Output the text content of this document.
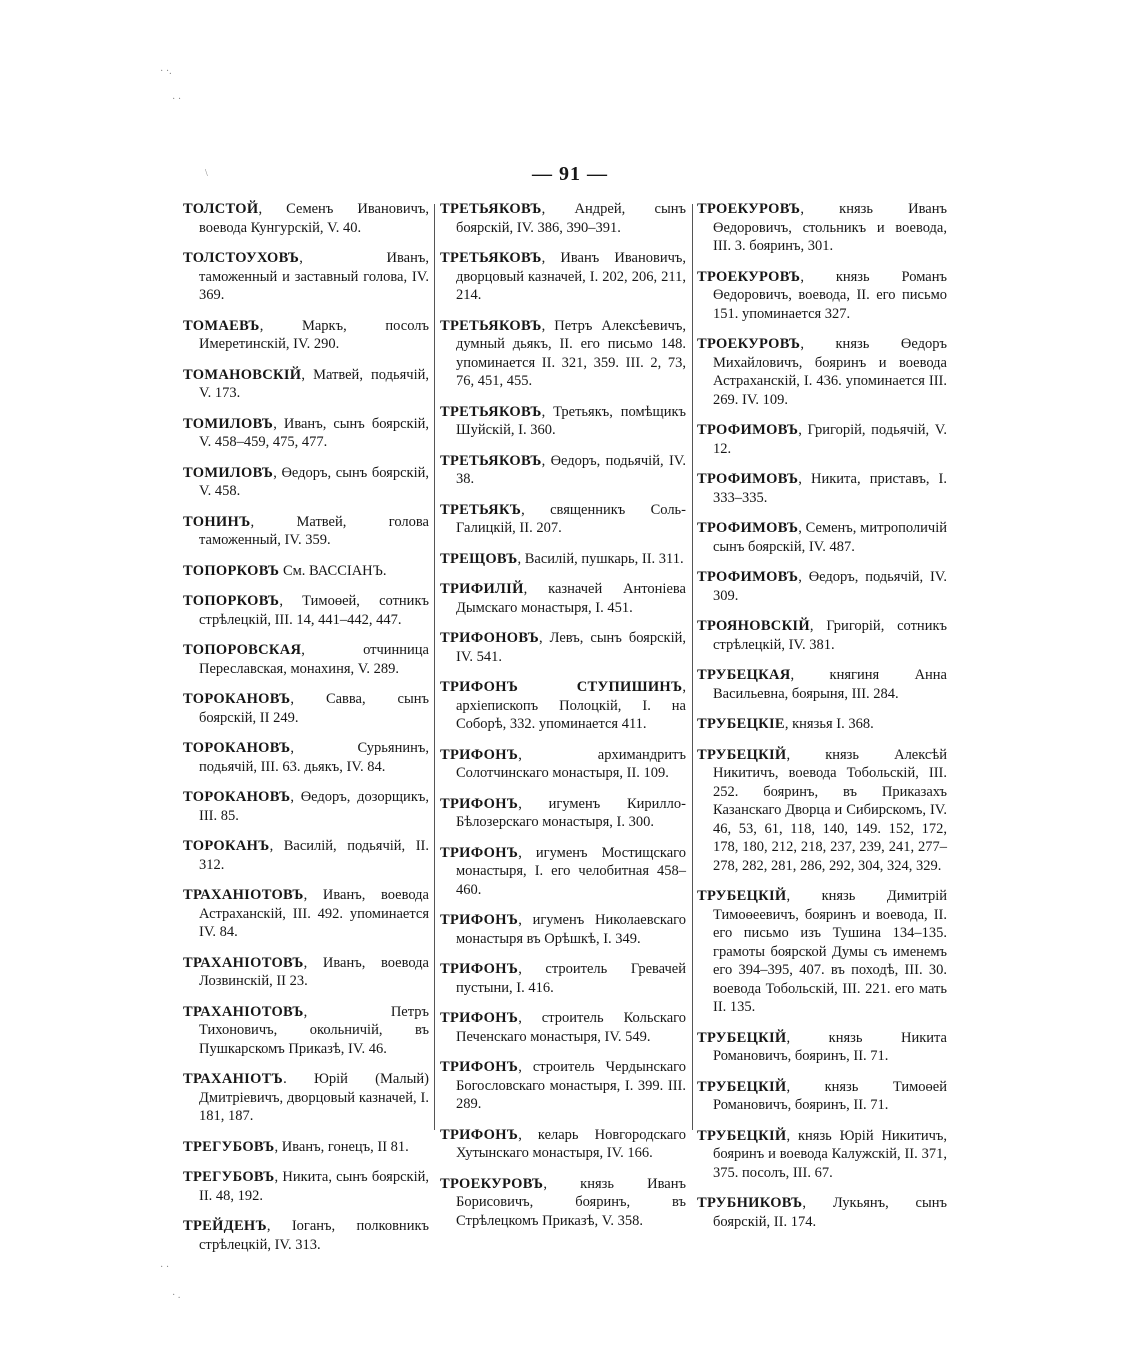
— 91 —

ТОЛСТОЙ, Семенъ Ивановичъ, воевода Кунгурскій, V. 40.

ТОЛСТОУХОВЪ, Иванъ, таможенный и заставный голова, IV. 369.

ТОМАЕВЪ, Маркъ, посолъ Имеретинскій, IV. 290.

ТОМАНОВСКІЙ, Матвей, подьячій, V. 173.

ТОМИЛОВЪ, Иванъ, сынъ боярскій, V. 458–459, 475, 477.

ТОМИЛОВЪ, Өедоръ, сынъ боярскій, V. 458.

ТОНИНЪ, Матвей, голова таможенный, IV. 359.

ТОПОРКОВЪ См. ВАССІАНЪ.

ТОПОРКОВЪ, Тимоөей, сотникъ стрѣлецкій, III. 14, 441–442, 447.

ТОПОРОВСКАЯ, отчинница Переславская, монахиня, V. 289.

ТОРОКАНОВЪ, Савва, сынъ боярскій, II 249.

ТОРОКАНОВЪ, Сурьянинъ, подьячій, III. 63. дьякъ, IV. 84.

ТОРОКАНОВЪ, Өедоръ, дозорщикъ, III. 85.

ТОРОКАНЪ, Василій, подьячій, II. 312.

ТРАХАНІОТОВЪ, Иванъ, воевода Астраханскій, III. 492. упоминается IV. 84.

ТРАХАНІОТОВЪ, Иванъ, воевода Лозвинскій, II 23.

ТРАХАНІОТОВЪ, Петръ Тихоновичъ, окольничій, въ Пушкарскомъ Приказѣ, IV. 46.

ТРАХАНІОТЪ. Юрій (Малый) Дмитріевичъ, дворцовый казначей, I. 181, 187.

ТРЕГУБОВЪ, Иванъ, гонецъ, II 81.

ТРЕГУБОВЪ, Никита, сынъ боярскій, II. 48, 192.

ТРЕЙДЕНЪ, Іоганъ, полковникъ стрѣлецкій, IV. 313.

ТРЕТЬЯКОВЪ, Андрей, сынъ боярскій, IV. 386, 390–391.

ТРЕТЬЯКОВЪ, Иванъ Ивановичъ, дворцовый казначей, I. 202, 206, 211, 214.

ТРЕТЬЯКОВЪ, Петръ Алексѣевичъ, думный дьякъ, II. его письмо 148. упоминается II. 321, 359. III. 2, 73, 76, 451, 455.

ТРЕТЬЯКОВЪ, Третьякъ, помѣщикъ Шуйскій, I. 360.

ТРЕТЬЯКОВЪ, Өедоръ, подьячій, IV. 38.

ТРЕТЬЯКЪ, священникъ Соль-Галицкій, II. 207.

ТРЕЩОВЪ, Василій, пушкарь, II. 311.

ТРИФИЛІЙ, казначей Антоніева Дымскаго монастыря, I. 451.

ТРИФОНОВЪ, Левъ, сынъ боярскій, IV. 541.

ТРИФОНЪ СТУПИШИНЪ, архіепископъ Полоцкій, I. на Соборѣ, 332. упоминается 411.

ТРИФОНЪ, архимандритъ Солотчинскаго монастыря, II. 109.

ТРИФОНЪ, игуменъ Кирилло-Бѣлозерскаго монастыря, I. 300.

ТРИФОНЪ, игуменъ Мостищскаго монастыря, I. его челобитная 458–460.

ТРИФОНЪ, игуменъ Николаевскаго монастыря въ Орѣшкѣ, I. 349.

ТРИФОНЪ, строитель Гревачей пустыни, I. 416.

ТРИФОНЪ, строитель Кольскаго Печенскаго монастыря, IV. 549.

ТРИФОНЪ, строитель Чердынскаго Богословскаго монастыря, I. 399. III. 289.

ТРИФОНЪ, келарь Новгородскаго Хутынскаго монастыря, IV. 166.

ТРОЕКУРОВЪ, князь Иванъ Борисовичъ, бояринъ, въ Стрѣлецкомъ Приказѣ, V. 358.

ТРОЕКУРОВЪ, князь Иванъ Өедоровичъ, стольникъ и воевода, III. 3. бояринъ, 301.

ТРОЕКУРОВЪ, князь Романъ Өедоровичъ, воевода, II. его письмо 151. упоминается 327.

ТРОЕКУРОВЪ, князь Өедоръ Михайловичъ, бояринъ и воевода Астраханскій, I. 436. упоминается III. 269. IV. 109.

ТРОФИМОВЪ, Григорій, подьячій, V. 12.

ТРОФИМОВЪ, Никита, приставъ, I. 333–335.

ТРОФИМОВЪ, Семенъ, митрополичій сынъ боярскій, IV. 487.

ТРОФИМОВЪ, Өедоръ, подьячій, IV. 309.

ТРОЯНОВСКІЙ, Григорій, сотникъ стрѣлецкій, IV. 381.

ТРУБЕЦКАЯ, княгиня Анна Васильевна, боярыня, III. 284.

ТРУБЕЦКІЕ, князья I. 368.

ТРУБЕЦКІЙ, князь Алексѣй Никитичъ, воевода Тобольскій, III. 252. бояринъ, въ Приказахъ Казанскаго Дворца и Сибирскомъ, IV. 46, 53, 61, 118, 140, 149. 152, 172, 178, 180, 212, 218, 237, 239, 241, 277–278, 282, 281, 286, 292, 304, 324, 329.

ТРУБЕЦКІЙ, князь Димитрій Тимоөеевичъ, бояринъ и воевода, II. его письмо изъ Тушина 134–135. грамоты боярской Думы съ именемъ его 394–395, 407. въ походѣ, III. 30. воевода Тобольскій, III. 221. его мать II. 135.

ТРУБЕЦКІЙ, князь Никита Романовичъ, бояринъ, II. 71.

ТРУБЕЦКІЙ, князь Тимоөей Романовичъ, бояринъ, II. 71.

ТРУБЕЦКІЙ, князь Юрій Никитичъ, бояринъ и воевода Калужскій, II. 371, 375. посолъ, III. 67.

ТРУБНИКОВЪ, Лукьянъ, сынъ боярскій, II. 174.

· ·.
· ·
\
· ·
· .
